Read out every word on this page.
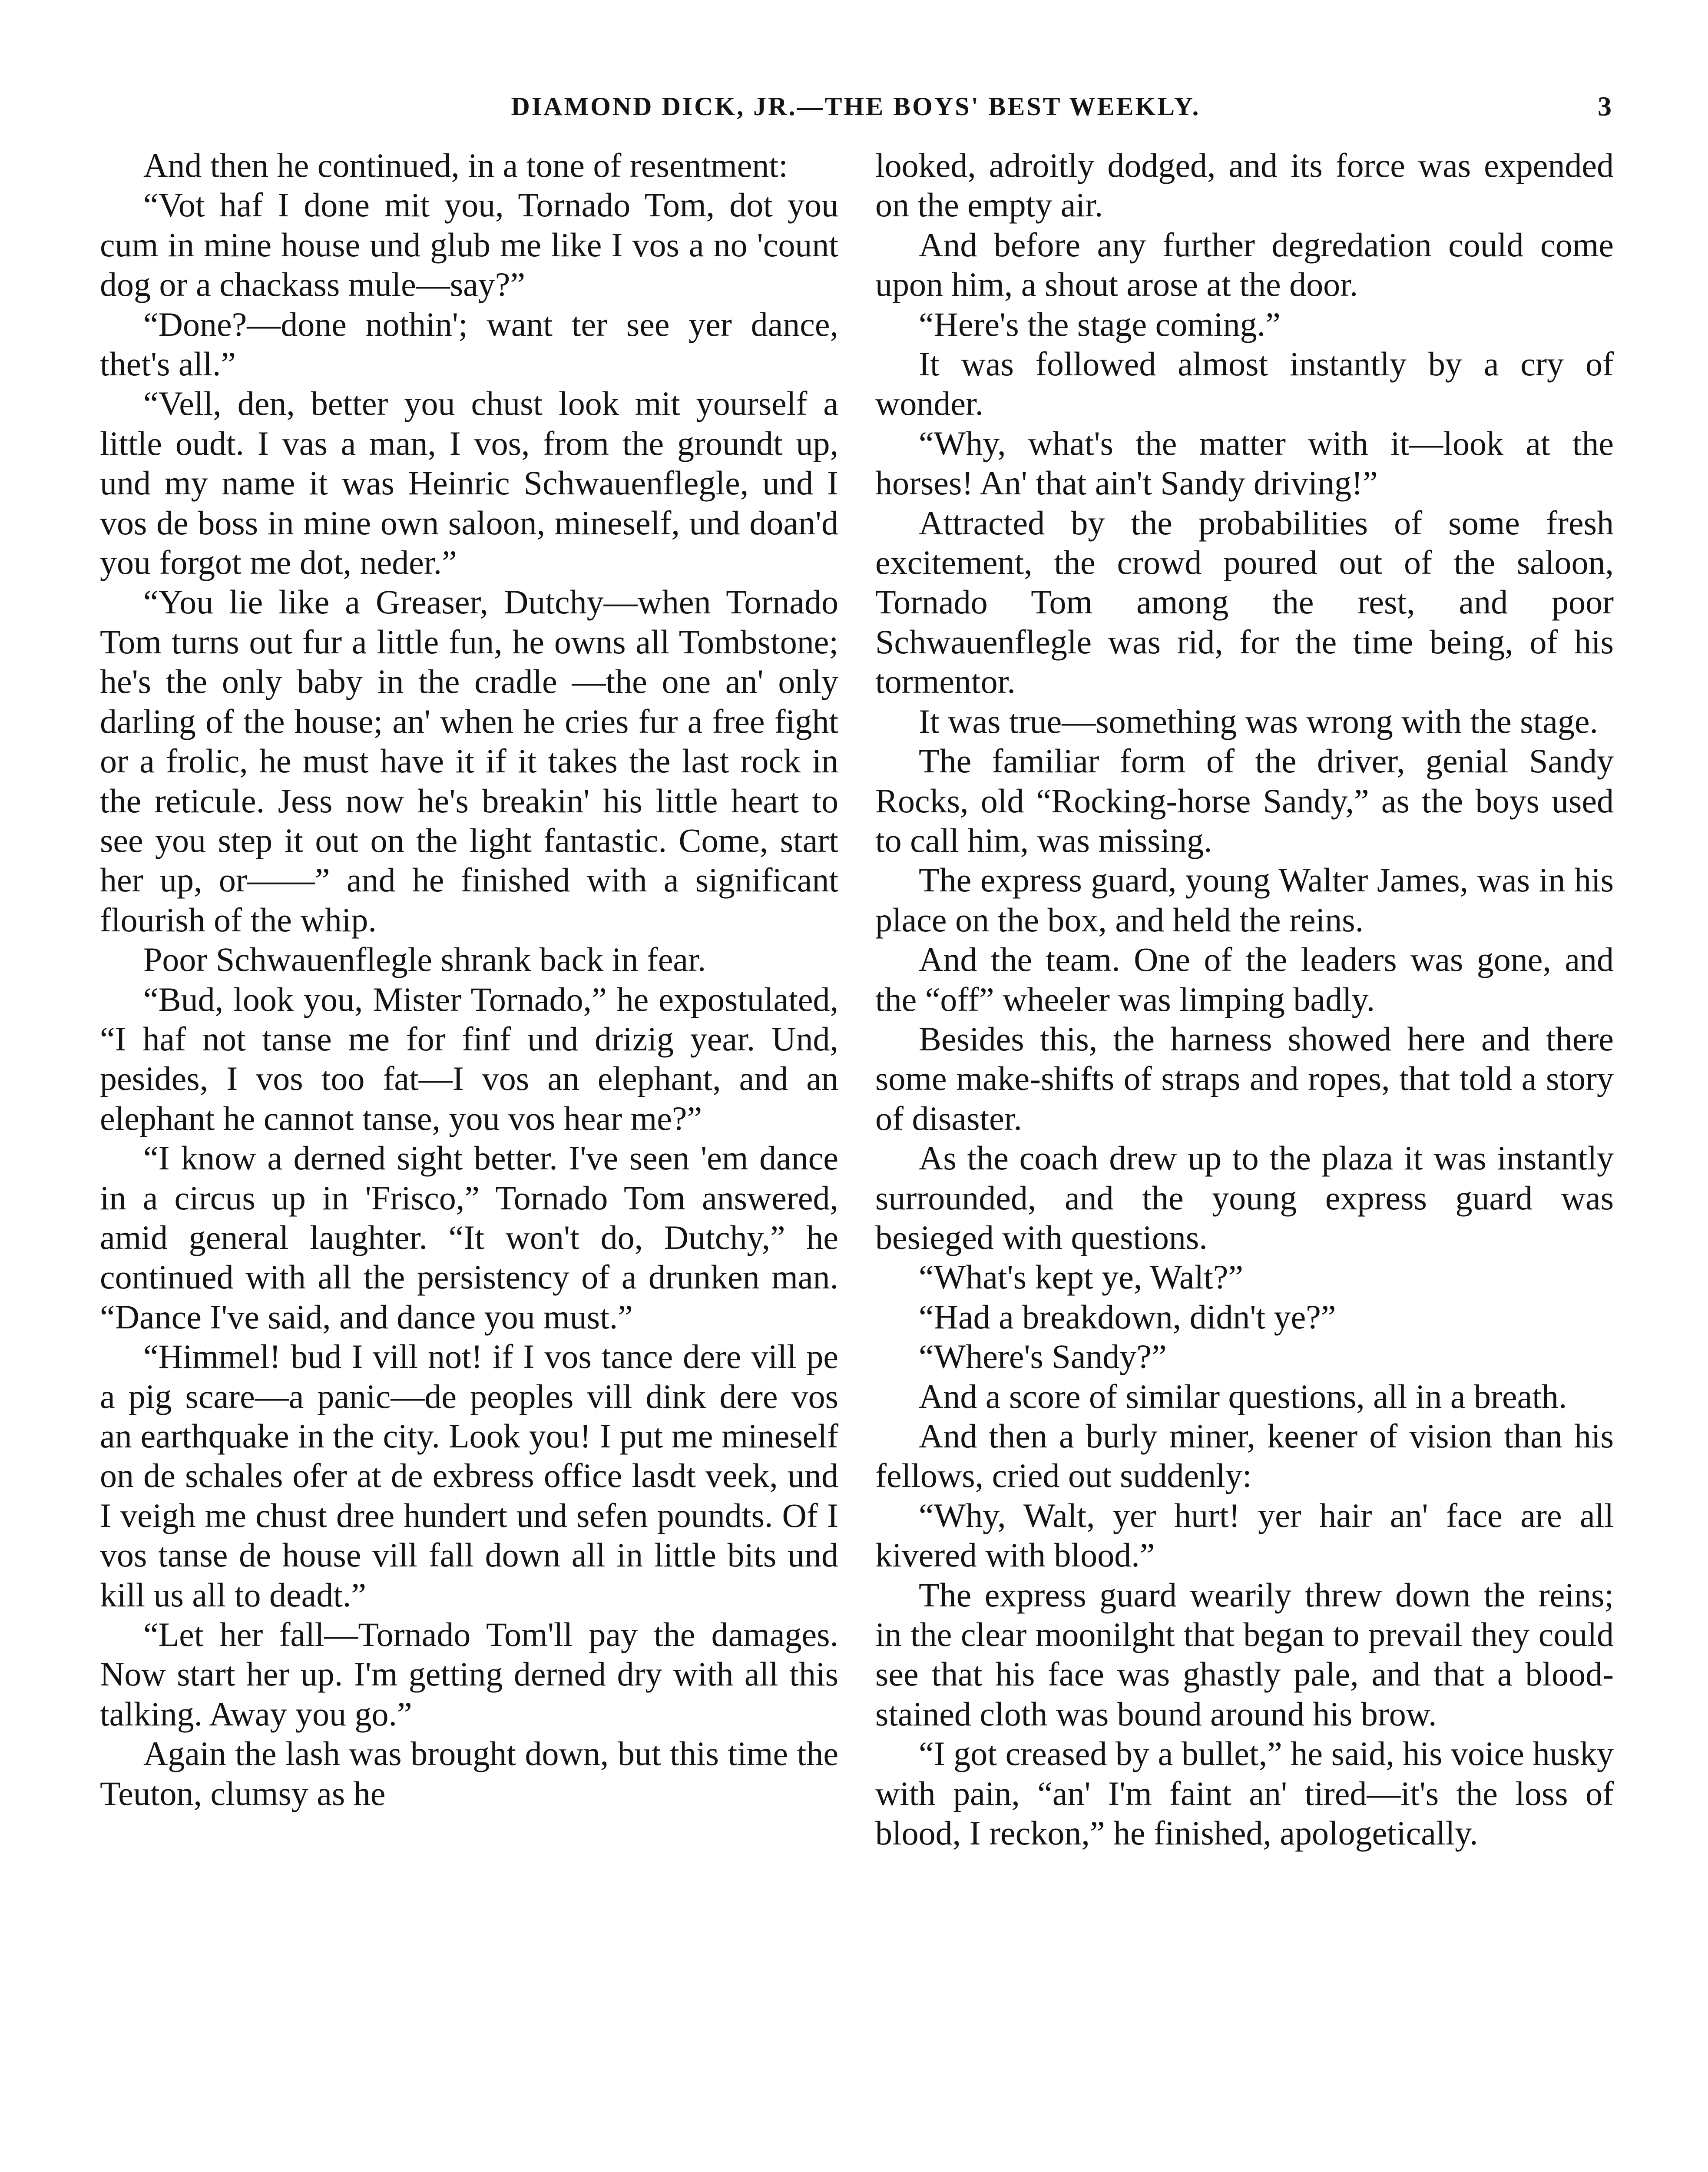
DIAMOND DICK, JR.—THE BOYS' BEST WEEKLY.	3

And then he continued, in a tone of resentment:

“Vot haf I done mit you, Tornado Tom, dot you cum in mine house und glub me like I vos a no 'count dog or a chackass mule—say?”

“Done?—done nothin'; want ter see yer dance, thet's all.”

“Vell, den, better you chust look mit yourself a little oudt. I vas a man, I vos, from the groundt up, und my name it was Heinric Schwauenflegle, und I vos de boss in mine own saloon, mineself, und doan'd you forgot me dot, neder.”

“You lie like a Greaser, Dutchy—when Tornado Tom turns out fur a little fun, he owns all Tombstone; he's the only baby in the cradle —the one an' only darling of the house; an' when he cries fur a free fight or a frolic, he must have it if it takes the last rock in the reticule. Jess now he's breakin' his little heart to see you step it out on the light fantastic. Come, start her up, or——” and he finished with a significant flourish of the whip.

Poor Schwauenflegle shrank back in fear.

“Bud, look you, Mister Tornado,” he expostulated, “I haf not tanse me for finf und drizig year. Und, pesides, I vos too fat—I vos an elephant, and an elephant he cannot tanse, you vos hear me?”

“I know a derned sight better. I've seen 'em dance in a circus up in 'Frisco,” Tornado Tom answered, amid general laughter. “It won't do, Dutchy,” he continued with all the persistency of a drunken man. “Dance I've said, and dance you must.”

“Himmel! bud I vill not! if I vos tance dere vill pe a pig scare—a panic—de peoples vill dink dere vos an earthquake in the city. Look you! I put me mineself on de schales ofer at de exbress office lasdt veek, und I veigh me chust dree hundert und sefen poundts. Of I vos tanse de house vill fall down all in little bits und kill us all to deadt.”

“Let her fall—Tornado Tom'll pay the damages. Now start her up. I'm getting derned dry with all this talking. Away you go.”

Again the lash was brought down, but this time the Teuton, clumsy as he

looked, adroitly dodged, and its force was expended on the empty air.

And before any further degredation could come upon him, a shout arose at the door.

“Here's the stage coming.”

It was followed almost instantly by a cry of wonder.

“Why, what's the matter with it—look at the horses! An' that ain't Sandy driving!”

Attracted by the probabilities of some fresh excitement, the crowd poured out of the saloon, Tornado Tom among the rest, and poor Schwauenflegle was rid, for the time being, of his tormentor.

It was true—something was wrong with the stage.

The familiar form of the driver, genial Sandy Rocks, old “Rocking-horse Sandy,” as the boys used to call him, was missing.

The express guard, young Walter James, was in his place on the box, and held the reins.

And the team. One of the leaders was gone, and the “off” wheeler was limping badly.

Besides this, the harness showed here and there some make-shifts of straps and ropes, that told a story of disaster.

As the coach drew up to the plaza it was instantly surrounded, and the young express guard was besieged with questions.

“What's kept ye, Walt?”

“Had a breakdown, didn't ye?”

“Where's Sandy?”

And a score of similar questions, all in a breath.

And then a burly miner, keener of vision than his fellows, cried out suddenly:

“Why, Walt, yer hurt! yer hair an' face are all kivered with blood.”

The express guard wearily threw down the reins; in the clear moonilght that began to prevail they could see that his face was ghastly pale, and that a blood-stained cloth was bound around his brow.

“I got creased by a bullet,” he said, his voice husky with pain, “an' I'm faint an' tired—it's the loss of blood, I reckon,” he finished, apologetically.
